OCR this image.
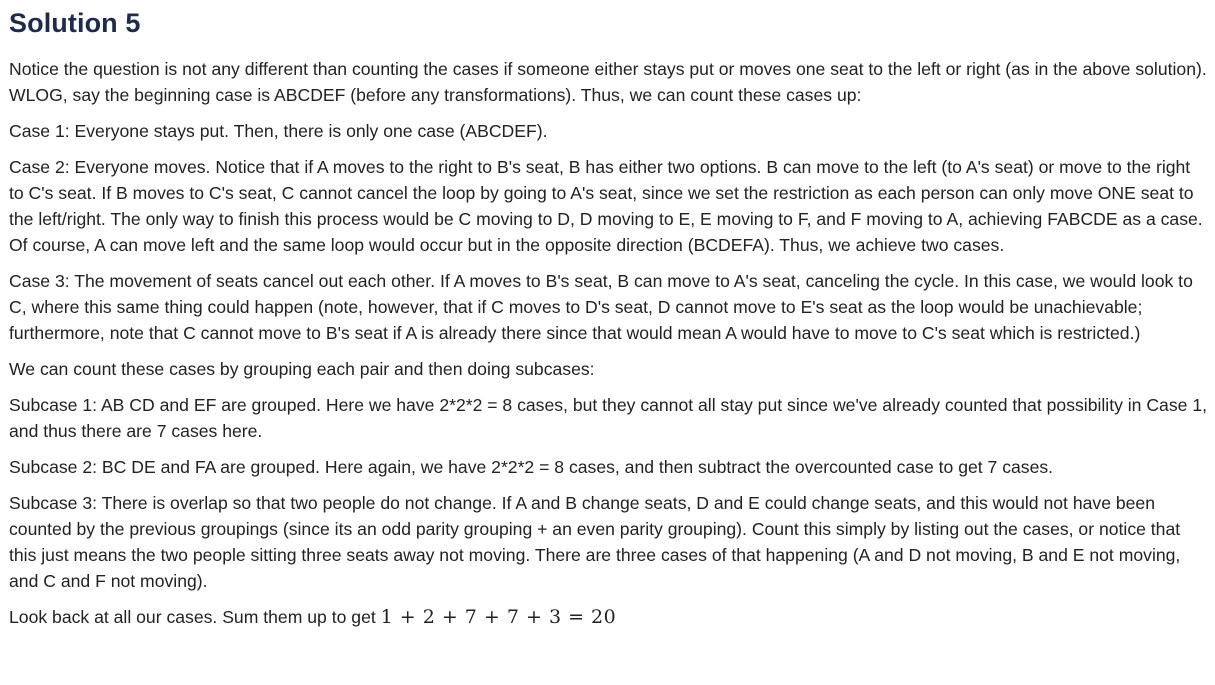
Solution 5

Notice the question is not any different than counting the cases if someone either stays put or moves one seat to the left or right (as in the above solution). WLOG, say the beginning case is ABCDEF (before any transformations). Thus, we can count these cases up:

Case 1: Everyone stays put. Then, there is only one case (ABCDEF).

Case 2: Everyone moves. Notice that if A moves to the right to B's seat, B has either two options. B can move to the left (to A's seat) or move to the right to C's seat. If B moves to C's seat, C cannot cancel the loop by going to A's seat, since we set the restriction as each person can only move ONE seat to the left/right. The only way to finish this process would be C moving to D, D moving to E, E moving to F, and F moving to A, achieving FABCDE as a case. Of course, A can move left and the same loop would occur but in the opposite direction (BCDEFA). Thus, we achieve two cases.

Case 3: The movement of seats cancel out each other. If A moves to B's seat, B can move to A's seat, canceling the cycle. In this case, we would look to C, where this same thing could happen (note, however, that if C moves to D's seat, D cannot move to E's seat as the loop would be unachievable; furthermore, note that C cannot move to B's seat if A is already there since that would mean A would have to move to C's seat which is restricted.)

We can count these cases by grouping each pair and then doing subcases:

Subcase 1: AB CD and EF are grouped. Here we have 2*2*2 = 8 cases, but they cannot all stay put since we've already counted that possibility in Case 1, and thus there are 7 cases here.

Subcase 2: BC DE and FA are grouped. Here again, we have 2*2*2 = 8 cases, and then subtract the overcounted case to get 7 cases.

Subcase 3: There is overlap so that two people do not change. If A and B change seats, D and E could change seats, and this would not have been counted by the previous groupings (since its an odd parity grouping + an even parity grouping). Count this simply by listing out the cases, or notice that this just means the two people sitting three seats away not moving. There are three cases of that happening (A and D not moving, B and E not moving, and C and F not moving).

Look back at all our cases. Sum them up to get 1 + 2 + 7 + 7 + 3 = 20
